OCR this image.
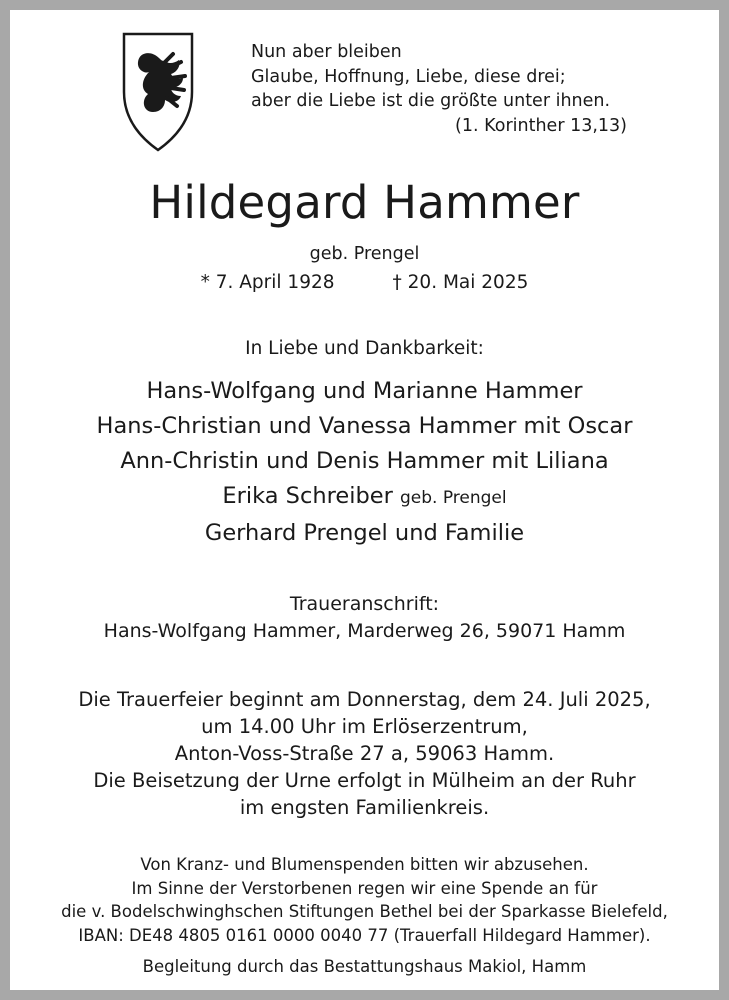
Nun aber bleiben
Glaube, Hoffnung, Liebe, diese drei;
aber die Liebe ist die größte unter ihnen.
(1. Korinther 13,13)
Hildegard Hammer
geb. Prengel
* 7. April 1928	† 20. Mai 2025
In Liebe und Dankbarkeit:
Hans-Wolfgang und Marianne Hammer
Hans-Christian und Vanessa Hammer mit Oscar
Ann-Christin und Denis Hammer mit Liliana
Erika Schreiber geb. Prengel
Gerhard Prengel und Familie
Traueranschrift:
Hans-Wolfgang Hammer, Marderweg 26, 59071 Hamm
Die Trauerfeier beginnt am Donnerstag, dem 24. Juli 2025,
um 14.00 Uhr im Erlöserzentrum,
Anton-Voss-Straße 27 a, 59063 Hamm.
Die Beisetzung der Urne erfolgt in Mülheim an der Ruhr
im engsten Familienkreis.
Von Kranz- und Blumenspenden bitten wir abzusehen.
Im Sinne der Verstorbenen regen wir eine Spende an für
die v. Bodelschwinghschen Stiftungen Bethel bei der Sparkasse Bielefeld,
IBAN: DE48 4805 0161 0000 0040 77 (Trauerfall Hildegard Hammer).
Begleitung durch das Bestattungshaus Makiol, Hamm
